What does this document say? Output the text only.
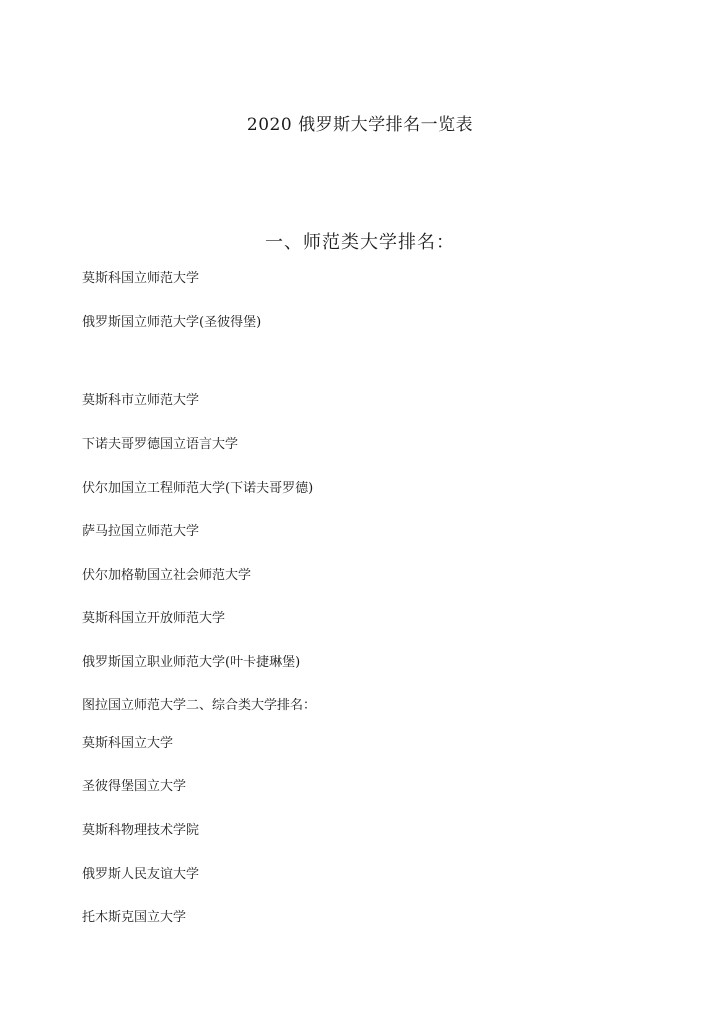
2020 俄罗斯大学排名一览表
一、师范类大学排名：
莫斯科国立师范大学
俄罗斯国立师范大学(圣彼得堡)
莫斯科市立师范大学
下诺夫哥罗德国立语言大学
伏尔加国立工程师范大学(下诺夫哥罗德)
萨马拉国立师范大学
伏尔加格勒国立社会师范大学
莫斯科国立开放师范大学
俄罗斯国立职业师范大学(叶卡捷琳堡)
图拉国立师范大学二、综合类大学排名：
莫斯科国立大学
圣彼得堡国立大学
莫斯科物理技术学院
俄罗斯人民友谊大学
托木斯克国立大学
